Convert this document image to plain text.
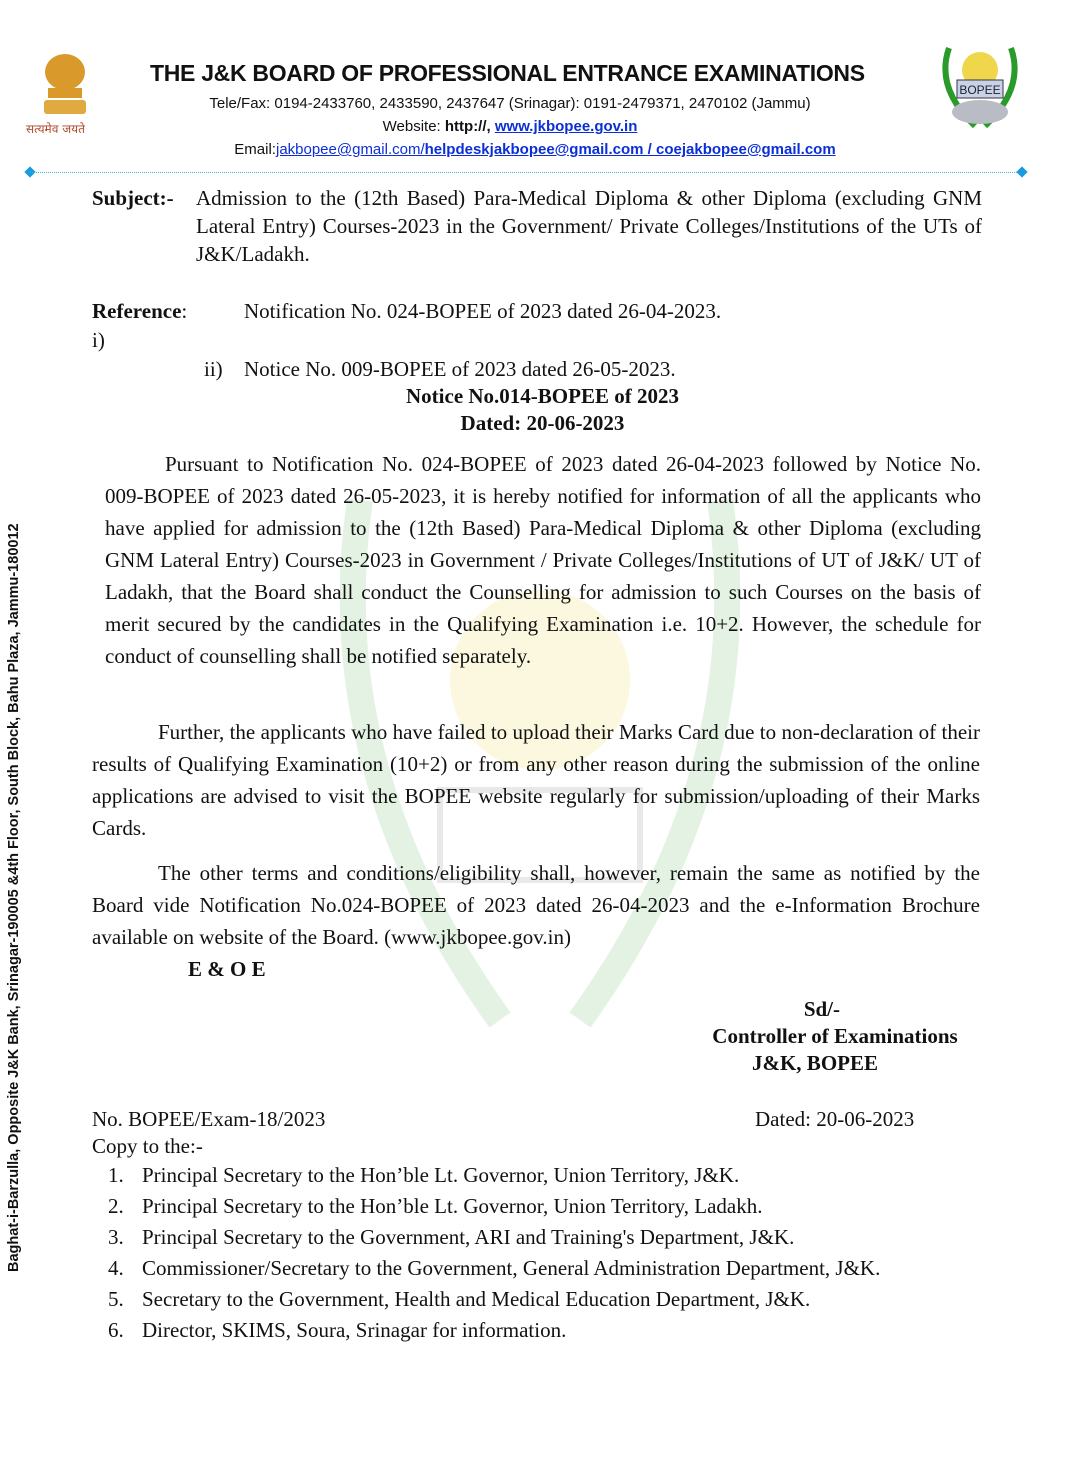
सत्यमेव जयते
THE J&K BOARD OF PROFESSIONAL ENTRANCE EXAMINATIONS
Tele/Fax: 0194-2433760, 2433590, 2437647 (Srinagar): 0191-2479371, 2470102 (Jammu)
Website: http://, www.jkbopee.gov.in
Email:jakbopee@gmail.com/helpdeskjakbopee@gmail.com / coejakbopee@gmail.com
BOPEE
Baghat-i-Barzulla, Opposite J&K Bank, Srinagar-190005 &4th Floor, South Block, Bahu Plaza, Jammu-180012
Subject:-	Admission to the (12th Based) Para-Medical Diploma & other Diploma (excluding GNM Lateral Entry) Courses-2023 in the Government/ Private Colleges/Institutions of the UTs of J&K/Ladakh.
Reference: i)
Notification No. 024-BOPEE of 2023 dated 26-04-2023.
ii)	Notice No. 009-BOPEE of 2023 dated 26-05-2023.
Notice No.014-BOPEE of 2023
Dated: 20-06-2023

Pursuant to Notification No. 024-BOPEE of 2023 dated 26-04-2023 followed by Notice No. 009-BOPEE of 2023 dated 26-05-2023, it is hereby notified for information of all the applicants who have applied for admission to the (12th Based) Para-Medical Diploma & other Diploma (excluding GNM Lateral Entry) Courses-2023 in Government / Private Colleges/Institutions of UT of J&K/ UT of Ladakh, that the Board shall conduct the Counselling for admission to such Courses on the basis of merit secured by the candidates in the Qualifying Examination i.e. 10+2. However, the schedule for conduct of counselling shall be notified separately.

Further, the applicants who have failed to upload their Marks Card due to non-declaration of their results of Qualifying Examination (10+2) or from any other reason during the submission of the online applications are advised to visit the BOPEE website regularly for submission/uploading of their Marks Cards.

The other terms and conditions/eligibility shall, however, remain the same as notified by the Board vide Notification No.024-BOPEE of 2023 dated 26-04-2023 and the e-Information Brochure available on website of the Board. (www.jkbopee.gov.in)

E & O E
Sd/-
Controller of Examinations
J&K, BOPEE
No. BOPEE/Exam-18/2023	Dated: 20-06-2023
Copy to the:-
1. Principal Secretary to the Hon’ble Lt. Governor, Union Territory, J&K.
2. Principal Secretary to the Hon’ble Lt. Governor, Union Territory, Ladakh.
3. Principal Secretary to the Government, ARI and Training's Department, J&K.
4. Commissioner/Secretary to the Government, General Administration Department, J&K.
5. Secretary to the Government, Health and Medical Education Department, J&K.
6. Director, SKIMS, Soura, Srinagar for information.
